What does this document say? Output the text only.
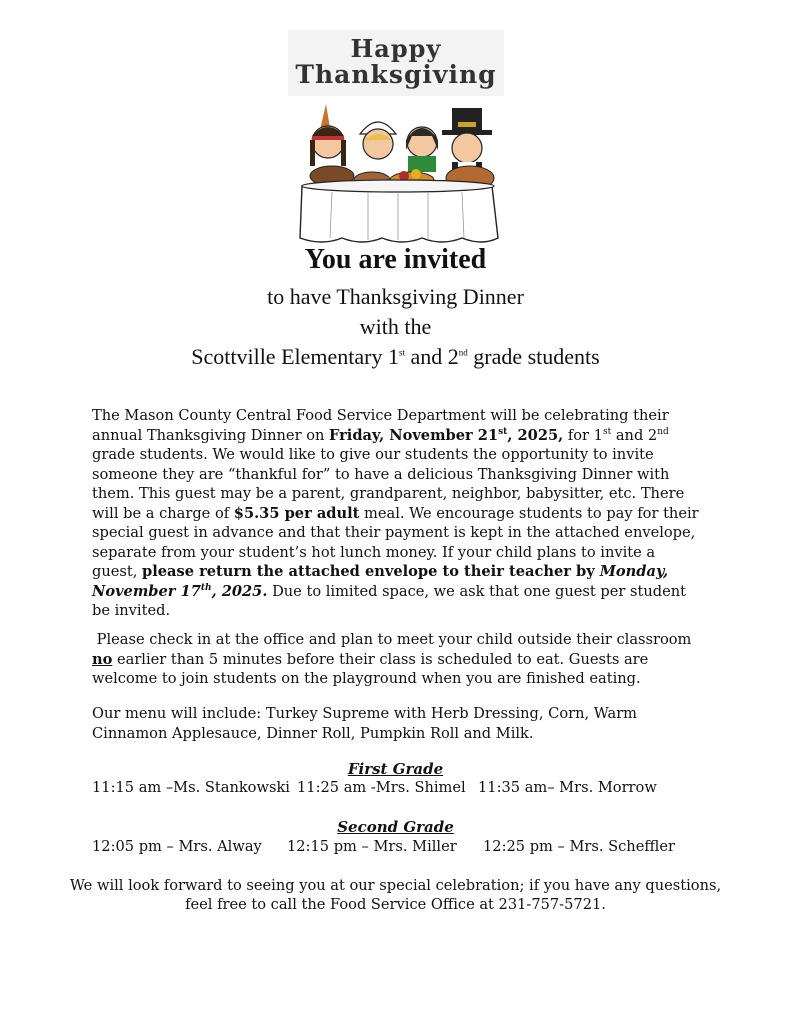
Happy
Thanksgiving
You are invited
to have Thanksgiving Dinner
with the
Scottville Elementary 1st and 2nd grade students

The Mason County Central Food Service Department will be celebrating their annual Thanksgiving Dinner on Friday, November 21st, 2025, for 1st and 2nd grade students. We would like to give our students the opportunity to invite someone they are “thankful for” to have a delicious Thanksgiving Dinner with them. This guest may be a parent, grandparent, neighbor, babysitter, etc. There will be a charge of $5.35 per adult meal. We encourage students to pay for their special guest in advance and that their payment is kept in the attached envelope, separate from your student’s hot lunch money. If your child plans to invite a guest, please return the attached envelope to their teacher by Monday, November 17th, 2025. Due to limited space, we ask that one guest per student be invited.

Please check in at the office and plan to meet your child outside their classroom no earlier than 5 minutes before their class is scheduled to eat. Guests are welcome to join students on the playground when you are finished eating.

Our menu will include: Turkey Supreme with Herb Dressing, Corn, Warm Cinnamon Applesauce, Dinner Roll, Pumpkin Roll and Milk.
First Grade
11:15 am –Ms. Stankowski 11:25 am -Mrs. Shimel 11:35 am– Mrs. Morrow
Second Grade
12:05 pm – Mrs. Alway 12:15 pm – Mrs. Miller 12:25 pm – Mrs. Scheffler
We will look forward to seeing you at our special celebration; if you have any questions,
feel free to call the Food Service Office at 231-757-5721.
